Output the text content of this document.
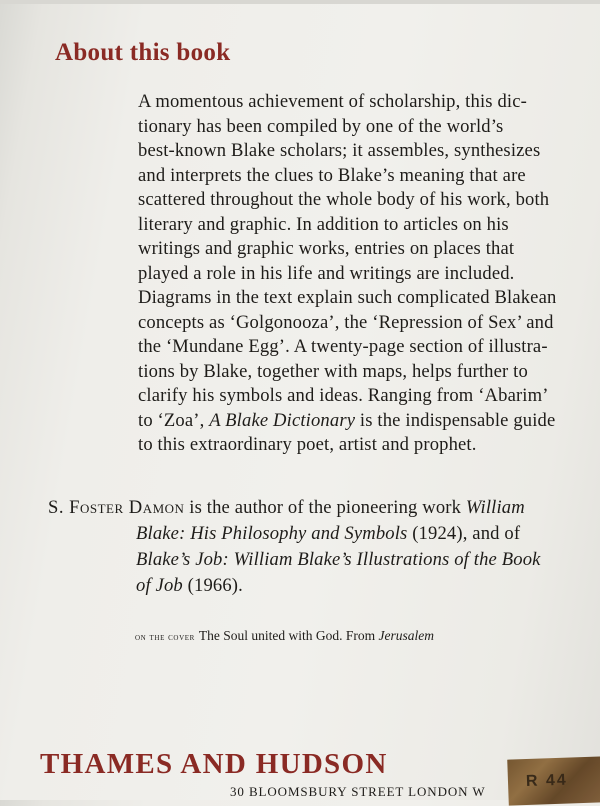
About this book

A momentous achievement of scholarship, this dic-
tionary has been compiled by one of the world’s
best-known Blake scholars; it assembles, synthesizes
and interprets the clues to Blake’s meaning that are
scattered throughout the whole body of his work, both
literary and graphic. In addition to articles on his
writings and graphic works, entries on places that
played a role in his life and writings are included.
Diagrams in the text explain such complicated Blakean
concepts as ‘Golgonooza’, the ‘Repression of Sex’ and
the ‘Mundane Egg’. A twenty-page section of illustra-
tions by Blake, together with maps, helps further to
clarify his symbols and ideas. Ranging from ‘Abarim’
to ‘Zoa’, A Blake Dictionary is the indispensable guide
to this extraordinary poet, artist and prophet.

S. Foster Damon is the author of the pioneering work William
Blake: His Philosophy and Symbols (1924), and of
Blake’s Job: William Blake’s Illustrations of the Book
of Job (1966).

on the cover The Soul united with God. From Jerusalem

THAMES AND HUDSON

30 BLOOMSBURY STREET LONDON W

R 44
